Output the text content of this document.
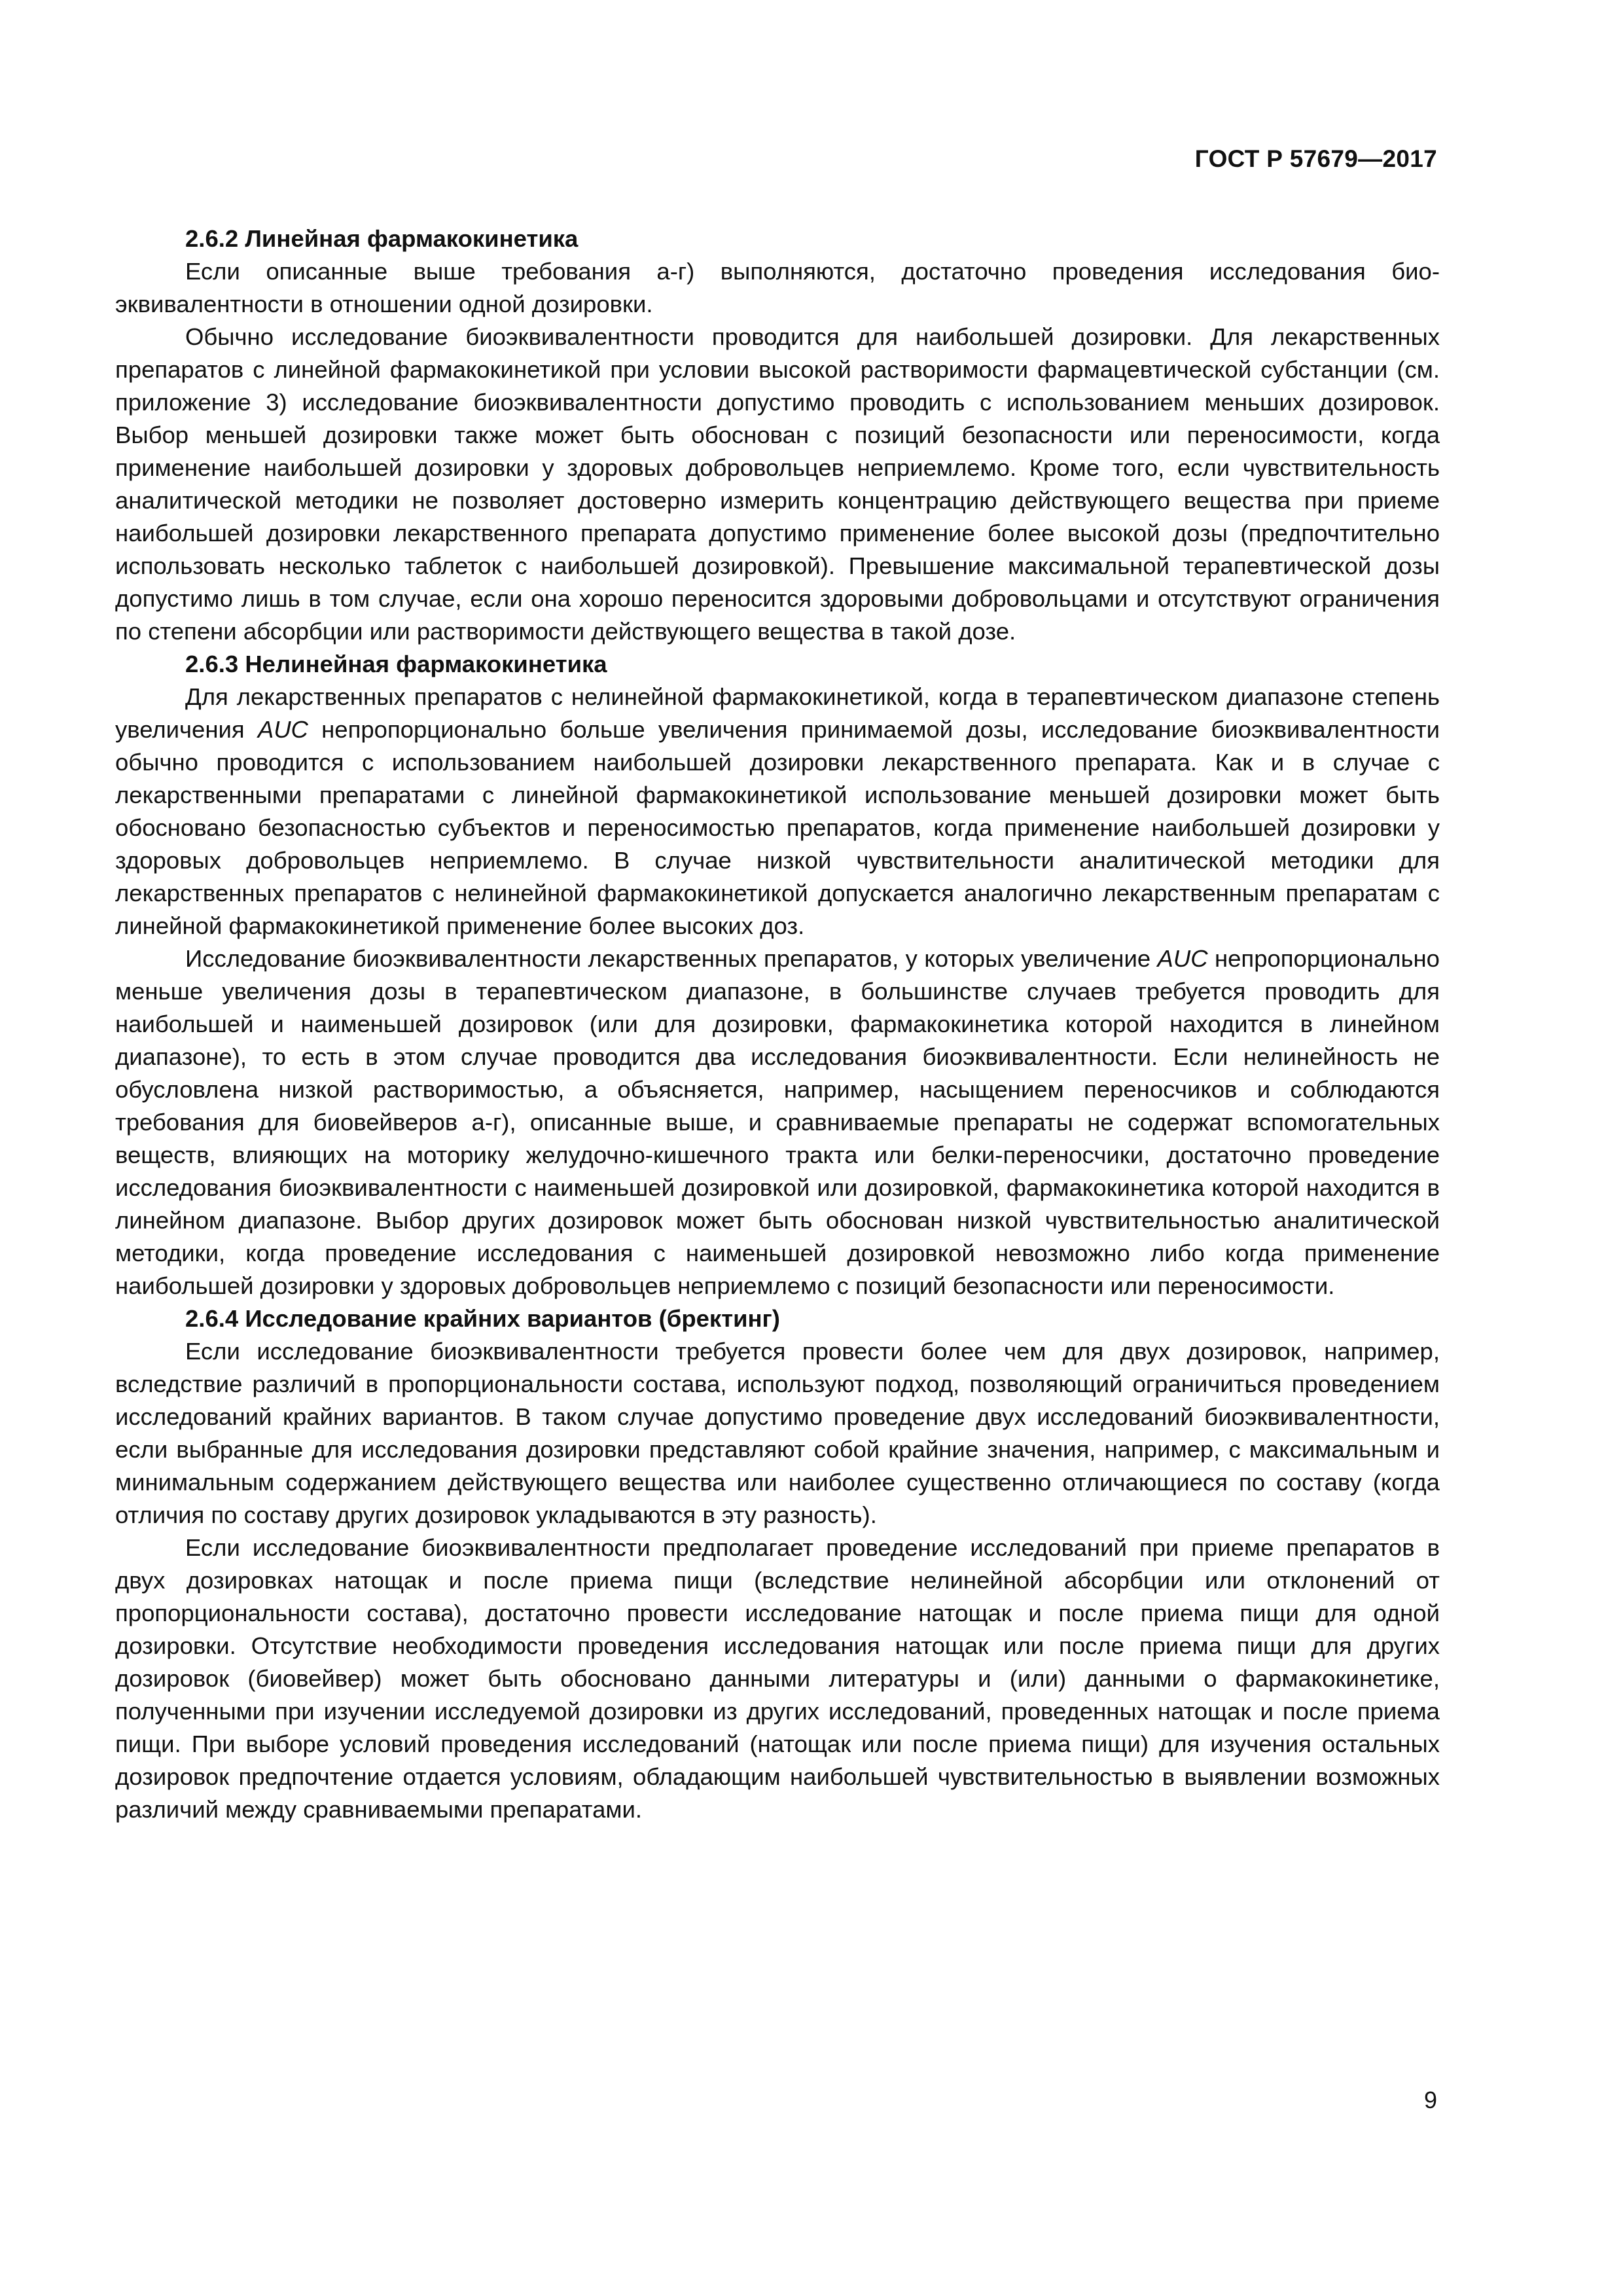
ГОСТ Р 57679—2017
2.6.2 Линейная фармакокинетика

Если описанные выше требования а-г) выполняются, достаточно проведения исследования биоэквивалентности в отношении одной дозировки.

Обычно исследование биоэквивалентности проводится для наибольшей дозировки. Для лекарственных препаратов с линейной фармакокинетикой при условии высокой растворимости фармацевтической субстанции (см. приложение 3) исследование биоэквивалентности допустимо проводить с использованием меньших дозировок. Выбор меньшей дозировки также может быть обоснован с позиций безопасности или переносимости, когда применение наибольшей дозировки у здоровых добровольцев неприемлемо. Кроме того, если чувствительность аналитической методики не позволяет достоверно измерить концентрацию действующего вещества при приеме наибольшей дозировки лекарственного препарата допустимо применение более высокой дозы (предпочтительно использовать несколько таблеток с наибольшей дозировкой). Превышение максимальной терапевтической дозы допустимо лишь в том случае, если она хорошо переносится здоровыми добровольцами и отсутствуют ограничения по степени абсорбции или растворимости действующего вещества в такой дозе.

2.6.3 Нелинейная фармакокинетика

Для лекарственных препаратов с нелинейной фармакокинетикой, когда в терапевтическом диапазоне степень увеличения AUC непропорционально больше увеличения принимаемой дозы, исследование биоэквивалентности обычно проводится с использованием наибольшей дозировки лекарственного препарата. Как и в случае с лекарственными препаратами с линейной фармакокинетикой использование меньшей дозировки может быть обосновано безопасностью субъектов и переносимостью препаратов, когда применение наибольшей дозировки у здоровых добровольцев неприемлемо. В случае низкой чувствительности аналитической методики для лекарственных препаратов с нелинейной фармакокинетикой допускается аналогично лекарственным препаратам с линейной фармакокинетикой применение более высоких доз.

Исследование биоэквивалентности лекарственных препаратов, у которых увеличение AUC непропорционально меньше увеличения дозы в терапевтическом диапазоне, в большинстве случаев требуется проводить для наибольшей и наименьшей дозировок (или для дозировки, фармакокинетика которой находится в линейном диапазоне), то есть в этом случае проводится два исследования биоэквивалентности. Если нелинейность не обусловлена низкой растворимостью, а объясняется, например, насыщением переносчиков и соблюдаются требования для биовейверов а-г), описанные выше, и сравниваемые препараты не содержат вспомогательных веществ, влияющих на моторику желудочно-кишечного тракта или белки-переносчики, достаточно проведение исследования биоэквивалентности с наименьшей дозировкой или дозировкой, фармакокинетика которой находится в линейном диапазоне. Выбор других дозировок может быть обоснован низкой чувствительностью аналитической методики, когда проведение исследования с наименьшей дозировкой невозможно либо когда применение наибольшей дозировки у здоровых добровольцев неприемлемо с позиций безопасности или переносимости.

2.6.4 Исследование крайних вариантов (бректинг)

Если исследование биоэквивалентности требуется провести более чем для двух дозировок, например, вследствие различий в пропорциональности состава, используют подход, позволяющий ограничиться проведением исследований крайних вариантов. В таком случае допустимо проведение двух исследований биоэквивалентности, если выбранные для исследования дозировки представляют собой крайние значения, например, с максимальным и минимальным содержанием действующего вещества или наиболее существенно отличающиеся по составу (когда отличия по составу других дозировок укладываются в эту разность).

Если исследование биоэквивалентности предполагает проведение исследований при приеме препаратов в двух дозировках натощак и после приема пищи (вследствие нелинейной абсорбции или отклонений от пропорциональности состава), достаточно провести исследование натощак и после приема пищи для одной дозировки. Отсутствие необходимости проведения исследования натощак или после приема пищи для других дозировок (биовейвер) может быть обосновано данными литературы и (или) данными о фармакокинетике, полученными при изучении исследуемой дозировки из других исследований, проведенных натощак и после приема пищи. При выборе условий проведения исследований (натощак или после приема пищи) для изучения остальных дозировок предпочтение отдается условиям, обладающим наибольшей чувствительностью в выявлении возможных различий между сравниваемыми препаратами.

9
